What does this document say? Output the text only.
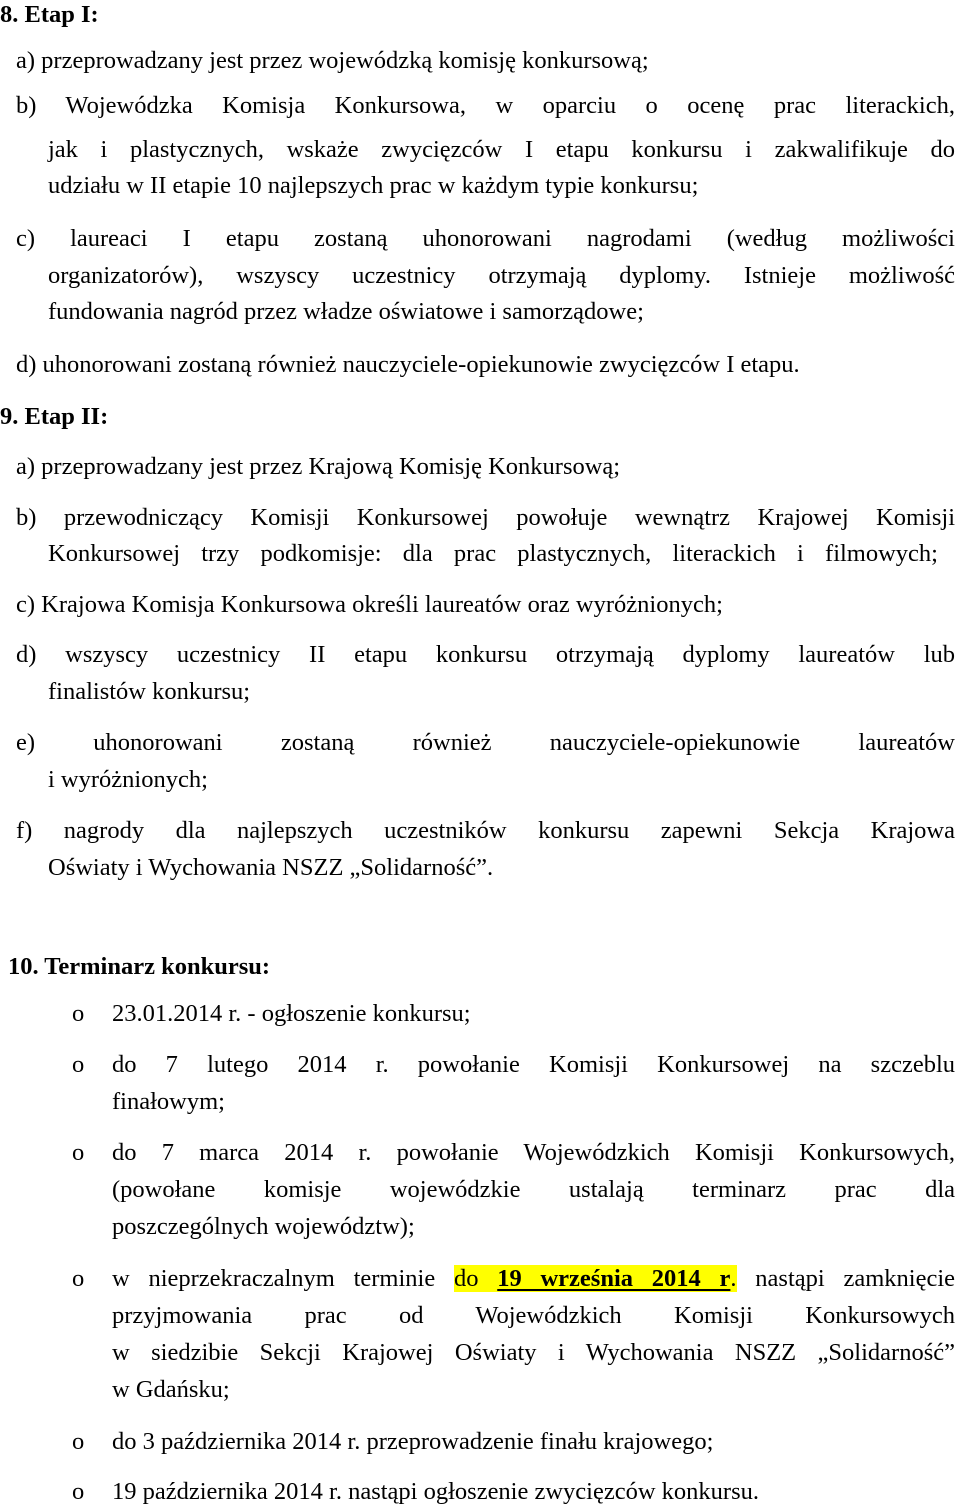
8. Etap I:
a) przeprowadzany jest przez wojewódzką komisję konkursową;
b) Wojewódzka Komisja Konkursowa, w oparciu o ocenę prac literackich,
jak i plastycznych, wskaże zwycięzców I etapu konkursu i zakwalifikuje do
udziału w II etapie 10 najlepszych prac w każdym typie konkursu;
c) laureaci I etapu zostaną uhonorowani nagrodami (według możliwości
organizatorów), wszyscy uczestnicy otrzymają dyplomy. Istnieje możliwość
fundowania nagród przez władze oświatowe i samorządowe;
d) uhonorowani zostaną również nauczyciele-opiekunowie zwycięzców I etapu.
9. Etap II:
a) przeprowadzany jest przez Krajową Komisję Konkursową;
b) przewodniczący Komisji Konkursowej powołuje wewnątrz Krajowej Komisji
Konkursowej trzy podkomisje: dla prac plastycznych, literackich i filmowych;
c) Krajowa Komisja Konkursowa określi laureatów oraz wyróżnionych;
d) wszyscy uczestnicy II etapu konkursu otrzymają dyplomy laureatów lub
finalistów konkursu;
e) uhonorowani zostaną również nauczyciele-opiekunowie laureatów
i wyróżnionych;
f) nagrody dla najlepszych uczestników konkursu zapewni Sekcja Krajowa
Oświaty i Wychowania NSZZ „Solidarność”.
10. Terminarz konkursu:
o 23.01.2014 r. - ogłoszenie konkursu;
o do 7 lutego 2014 r. powołanie Komisji Konkursowej na szczeblu
finałowym;
o do 7 marca 2014 r. powołanie Wojewódzkich Komisji Konkursowych,
(powołane komisje wojewódzkie ustalają terminarz prac dla
poszczególnych województw);
o w nieprzekraczalnym terminie do 19 września 2014 r. nastąpi zamknięcie
przyjmowania prac od Wojewódzkich Komisji Konkursowych
w siedzibie Sekcji Krajowej Oświaty i Wychowania NSZZ „Solidarność”
w Gdańsku;
o do 3 października 2014 r. przeprowadzenie finału krajowego;
o 19 października 2014 r. nastąpi ogłoszenie zwycięzców konkursu.
